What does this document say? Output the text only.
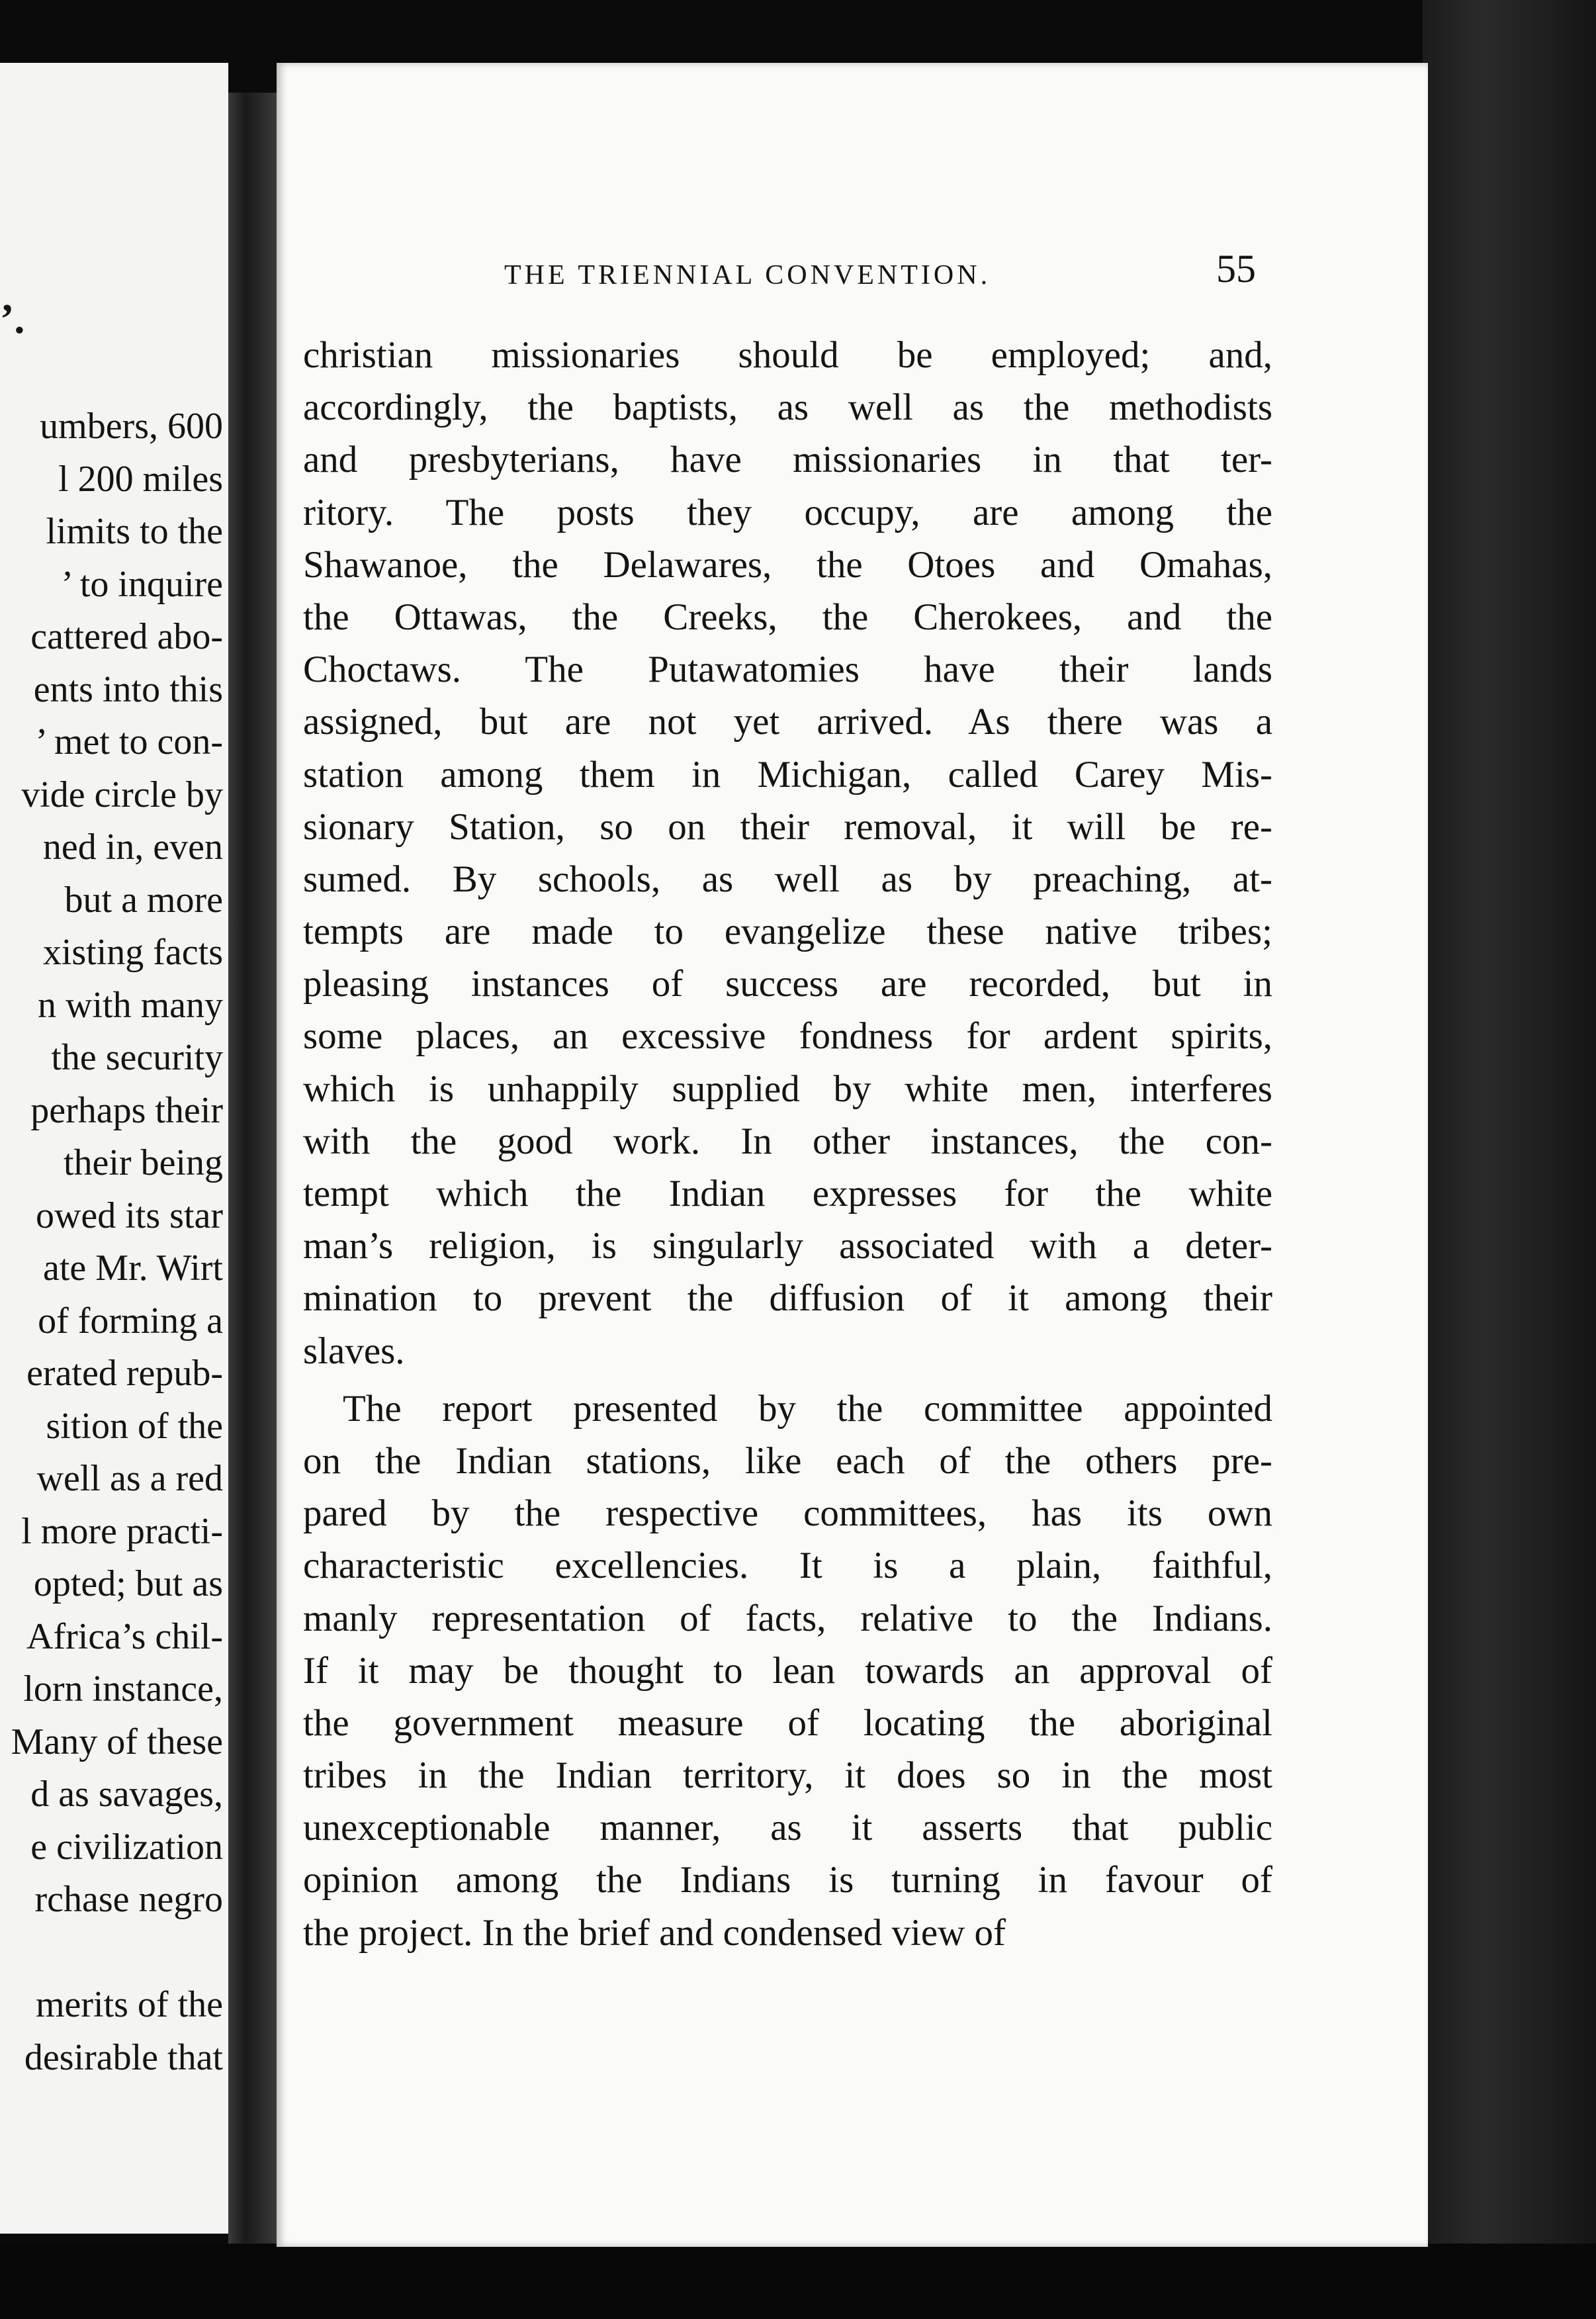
’.
umbers, 600
l 200 miles
limits to the
’ to inquire
cattered abo-
ents into this
’ met to con-
vide circle by
ned in, even
but a more
xisting facts
n with many
the security
perhaps their
their being
owed its star
ate Mr. Wirt
of forming a
erated repub-
sition of the
well as a red
l more practi-
opted; but as
Africa’s chil-
lorn instance,
Many of these
d as savages,
e civilization
rchase negro
merits of the
desirable that
THE TRIENNIAL CONVENTION.	55
christian missionaries should be employed; and,
accordingly, the baptists, as well as the methodists
and presbyterians, have missionaries in that ter-
ritory. The posts they occupy, are among the
Shawanoe, the Delawares, the Otoes and Omahas,
the Ottawas, the Creeks, the Cherokees, and the
Choctaws. The Putawatomies have their lands
assigned, but are not yet arrived. As there was a
station among them in Michigan, called Carey Mis-
sionary Station, so on their removal, it will be re-
sumed. By schools, as well as by preaching, at-
tempts are made to evangelize these native tribes;
pleasing instances of success are recorded, but in
some places, an excessive fondness for ardent spirits,
which is unhappily supplied by white men, interferes
with the good work. In other instances, the con-
tempt which the Indian expresses for the white
man’s religion, is singularly associated with a deter-
mination to prevent the diffusion of it among their
slaves.
The report presented by the committee appointed
on the Indian stations, like each of the others pre-
pared by the respective committees, has its own
characteristic excellencies. It is a plain, faithful,
manly representation of facts, relative to the Indians.
If it may be thought to lean towards an approval of
the government measure of locating the aboriginal
tribes in the Indian territory, it does so in the most
unexceptionable manner, as it asserts that public
opinion among the Indians is turning in favour of
the project. In the brief and condensed view of
